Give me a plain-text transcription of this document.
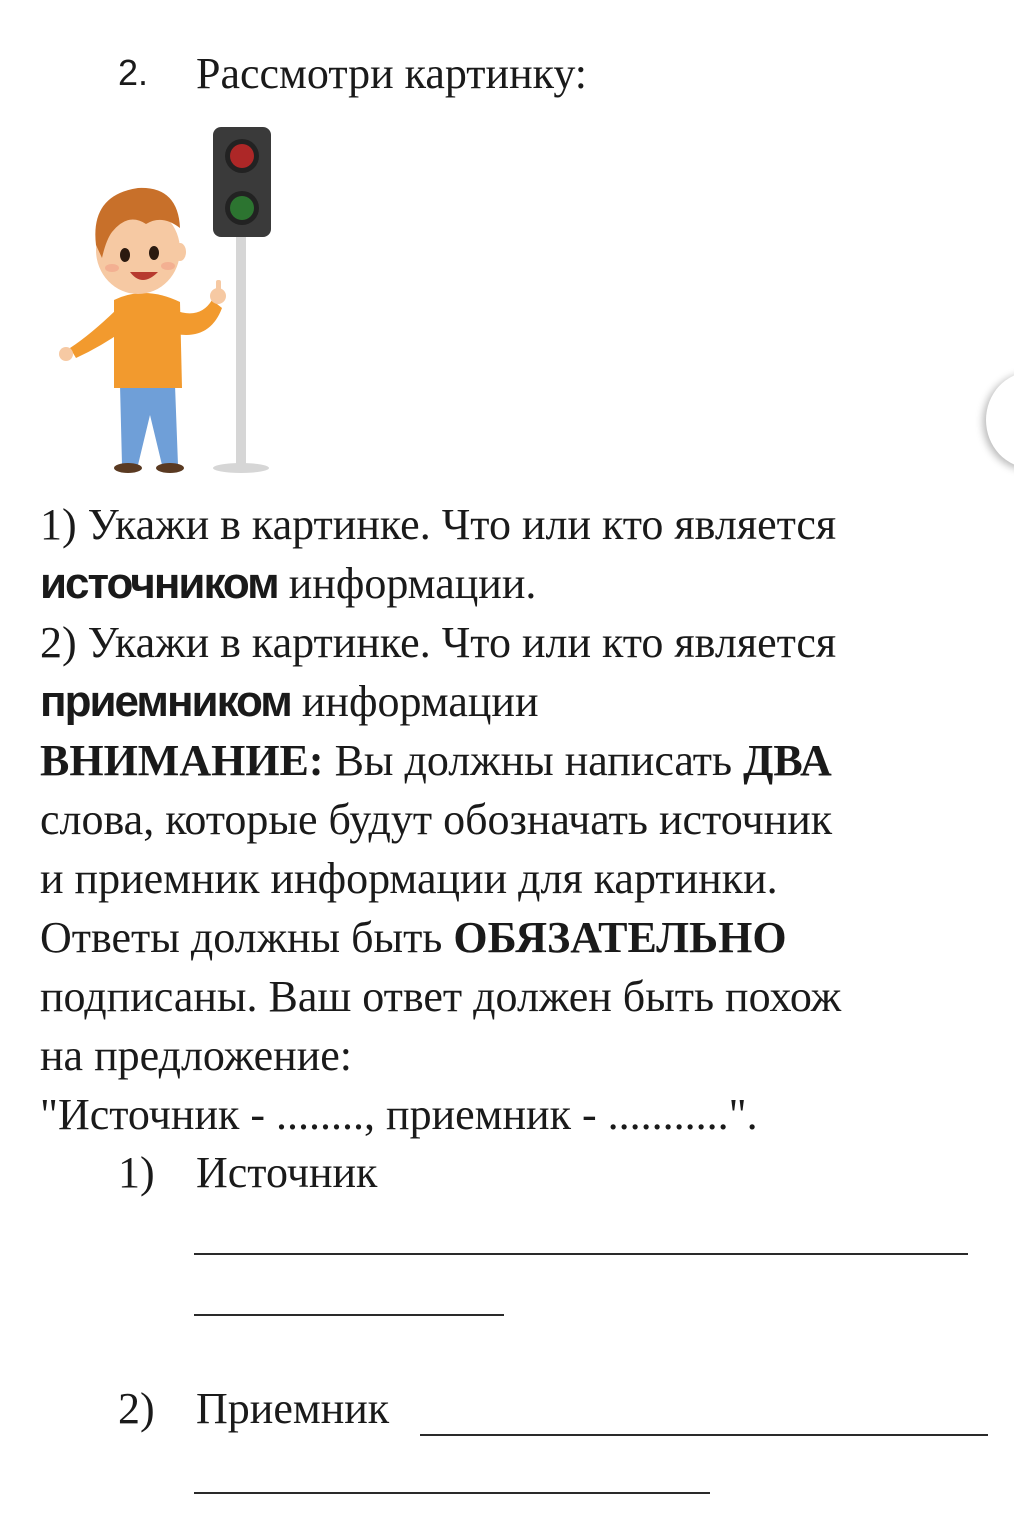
2. Рассмотри картинку:
1) Укажи в картинке. Что или кто является
источником информации.
2) Укажи в картинке. Что или кто является
приемником информации
ВНИМАНИЕ: Вы должны написать ДВА
слова, которые будут обозначать источник
и приемник информации для картинки.
Ответы должны быть ОБЯЗАТЕЛЬНО
подписаны. Ваш ответ должен быть похож
на предложение:
"Источник - ........, приемник - ...........".
1) Источник
2) Приемник
